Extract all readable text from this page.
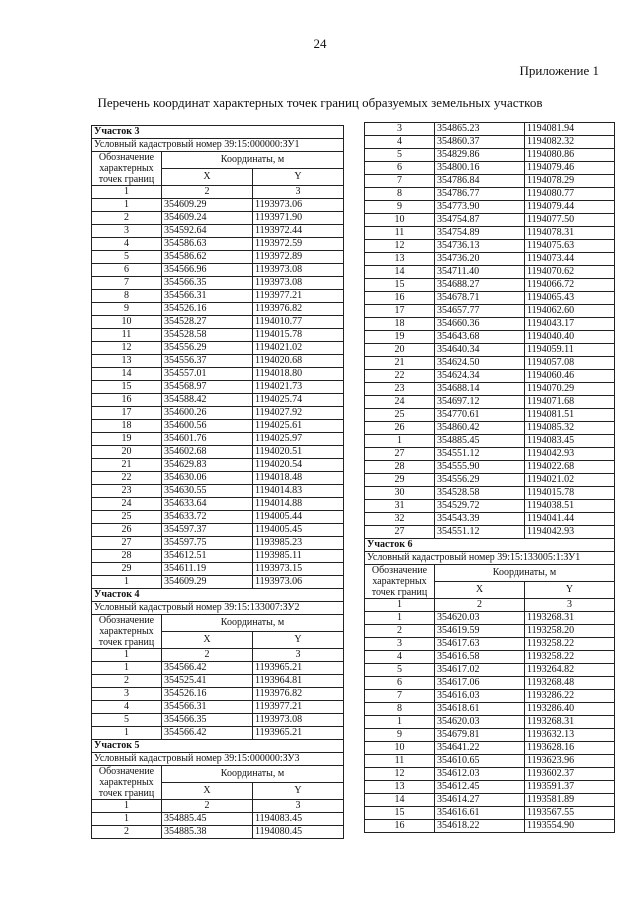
24
Приложение 1
Перечень координат характерных точек границ образуемых земельных участков
Участок 3		
Условный кадастровый номер 39:15:000000:ЗУ1		

Обозначение
характерных
точек границ	Координаты, м	
	X	Y
1	2	3
1	354609.29	1193973.06
2	354609.24	1193971.90
3	354592.64	1193972.44
4	354586.63	1193972.59
5	354586.62	1193972.89
6	354566.96	1193973.08
7	354566.35	1193973.08
8	354566.31	1193977.21
9	354526.16	1193976.82
10	354528.27	1194010.77
11	354528.58	1194015.78
12	354556.29	1194021.02
13	354556.37	1194020.68
14	354557.01	1194018.80
15	354568.97	1194021.73
16	354588.42	1194025.74
17	354600.26	1194027.92
18	354600.56	1194025.61
19	354601.76	1194025.97
20	354602.68	1194020.51
21	354629.83	1194020.54
22	354630.06	1194018.48
23	354630.55	1194014.83
24	354633.64	1194014.88
25	354633.72	1194005.44
26	354597.37	1194005.45
27	354597.75	1193985.23
28	354612.51	1193985.11
29	354611.19	1193973.15
1	354609.29	1193973.06
Участок 4		
Условный кадастровый номер 39:15:133007:ЗУ2		

Обозначение
характерных
точек границ	Координаты, м	
	X	Y
1	2	3
1	354566.42	1193965.21
2	354525.41	1193964.81
3	354526.16	1193976.82
4	354566.31	1193977.21
5	354566.35	1193973.08
1	354566.42	1193965.21
Участок 5		
Условный кадастровый номер 39:15:000000:ЗУ3		

Обозначение
характерных
точек границ	Координаты, м	
	X	Y
1	2	3
1	354885.45	1194083.45
2	354885.38	1194080.45
3	354865.23	1194081.94
4	354860.37	1194082.32
5	354829.86	1194080.86
6	354800.16	1194079.46
7	354786.84	1194078.29
8	354786.77	1194080.77
9	354773.90	1194079.44
10	354754.87	1194077.50
11	354754.89	1194078.31
12	354736.13	1194075.63
13	354736.20	1194073.44
14	354711.40	1194070.62
15	354688.27	1194066.72
16	354678.71	1194065.43
17	354657.77	1194062.60
18	354660.36	1194043.17
19	354643.68	1194040.40
20	354640.34	1194059.11
21	354624.50	1194057.08
22	354624.34	1194060.46
23	354688.14	1194070.29
24	354697.12	1194071.68
25	354770.61	1194081.51
26	354860.42	1194085.32
1	354885.45	1194083.45
27	354551.12	1194042.93
28	354555.90	1194022.68
29	354556.29	1194021.02
30	354528.58	1194015.78
31	354529.72	1194038.51
32	354543.39	1194041.44
27	354551.12	1194042.93
Участок 6		
Условный кадастровый номер 39:15:133005:1:ЗУ1		

Обозначение
характерных
точек границ	Координаты, м	
	X	Y
1	2	3
1	354620.03	1193268.31
2	354619.59	1193258.20
3	354617.63	1193258.22
4	354616.58	1193258.22
5	354617.02	1193264.82
6	354617.06	1193268.48
7	354616.03	1193286.22
8	354618.61	1193286.40
1	354620.03	1193268.31
9	354679.81	1193632.13
10	354641.22	1193628.16
11	354610.65	1193623.96
12	354612.03	1193602.37
13	354612.45	1193591.37
14	354614.27	1193581.89
15	354616.61	1193567.55
16	354618.22	1193554.90
